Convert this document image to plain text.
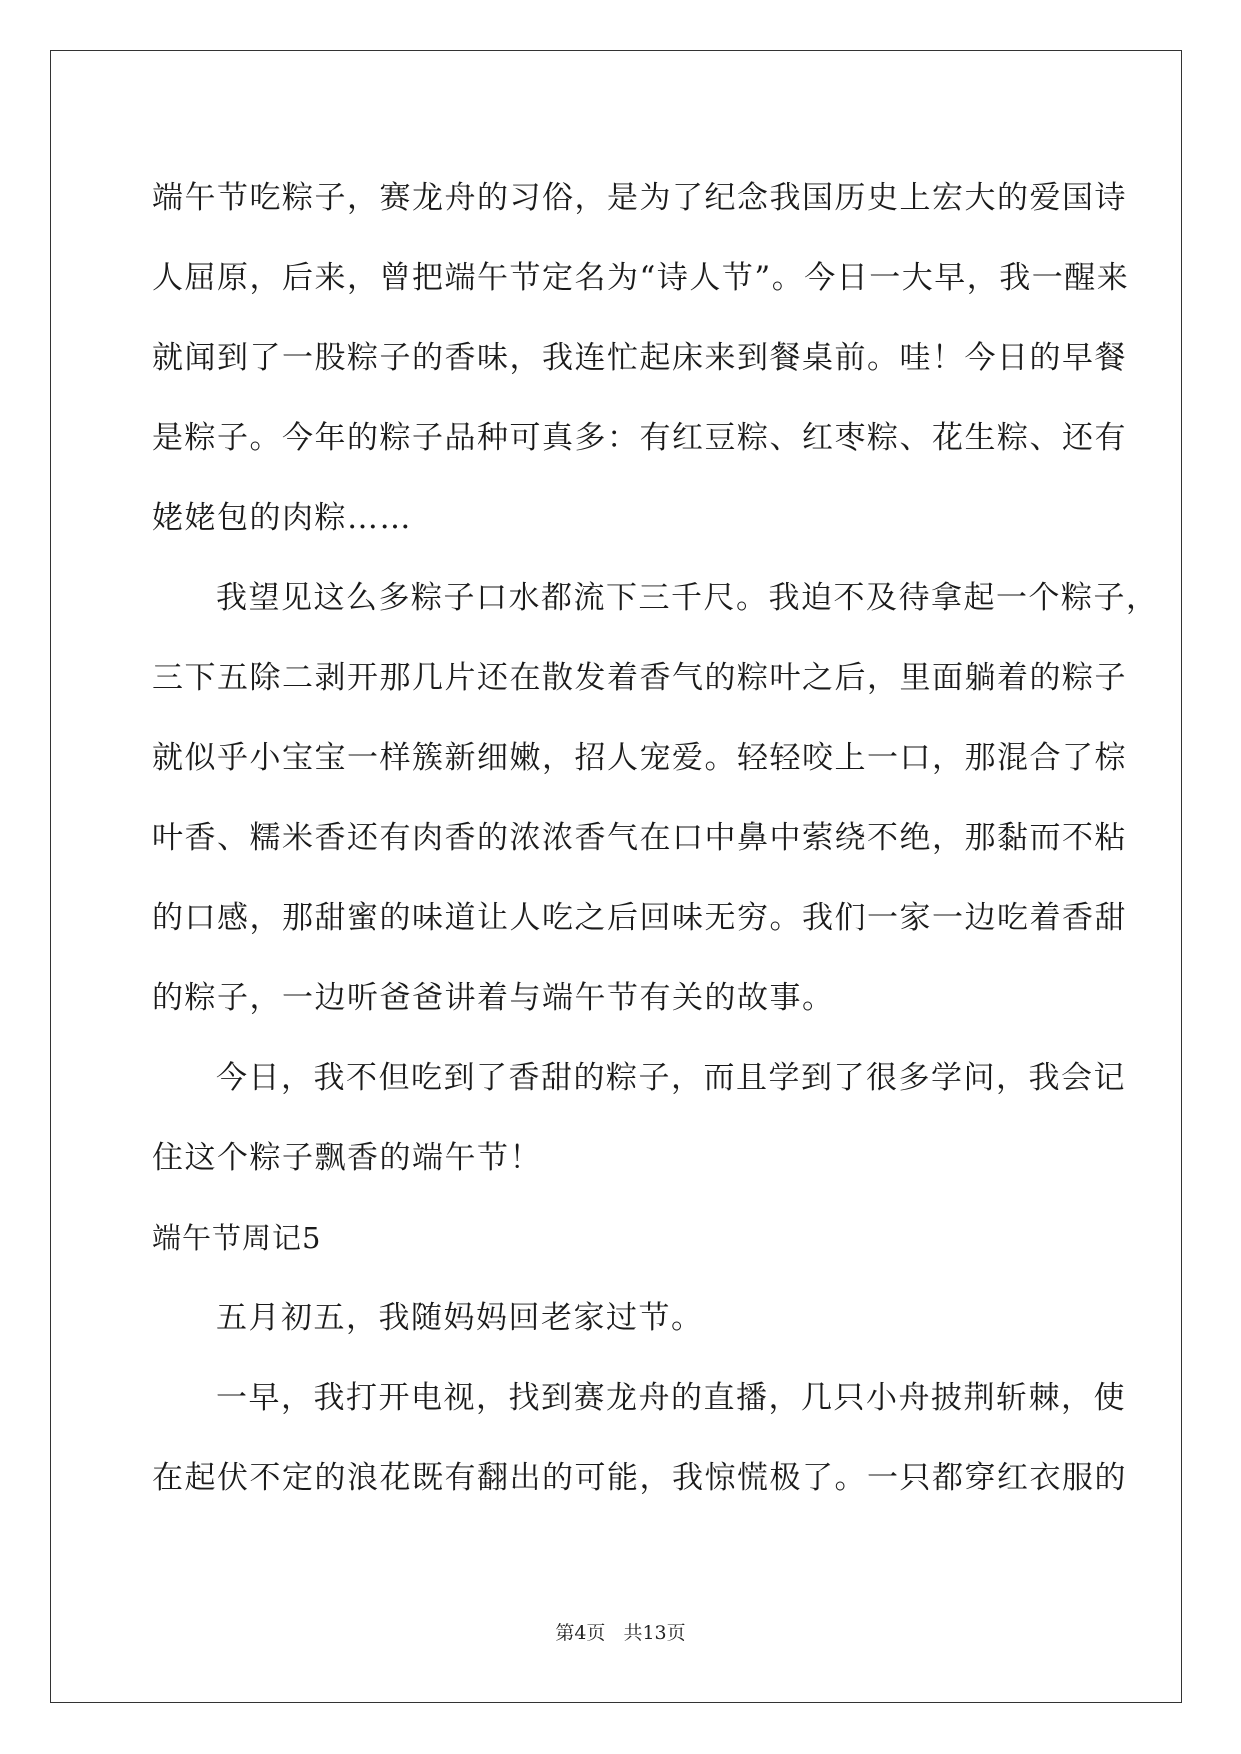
端午节吃粽子，赛龙舟的习俗，是为了纪念我国历史上宏大的爱国诗
人屈原，后来，曾把端午节定名为“诗人节”。今日一大早，我一醒来
就闻到了一股粽子的香味，我连忙起床来到餐桌前。哇！今日的早餐
是粽子。今年的粽子品种可真多：有红豆粽、红枣粽、花生粽、还有
姥姥包的肉粽……
我望见这么多粽子口水都流下三千尺。我迫不及待拿起一个粽子，
三下五除二剥开那几片还在散发着香气的粽叶之后，里面躺着的粽子
就似乎小宝宝一样簇新细嫩，招人宠爱。轻轻咬上一口，那混合了棕
叶香、糯米香还有肉香的浓浓香气在口中鼻中萦绕不绝，那黏而不粘
的口感，那甜蜜的味道让人吃之后回味无穷。我们一家一边吃着香甜
的粽子，一边听爸爸讲着与端午节有关的故事。
今日，我不但吃到了香甜的粽子，而且学到了很多学问，我会记
住这个粽子飘香的端午节！
端午节周记5
五月初五，我随妈妈回老家过节。
一早，我打开电视，找到赛龙舟的直播，几只小舟披荆斩棘，使
在起伏不定的浪花既有翻出的可能，我惊慌极了。一只都穿红衣服的
第4页 共13页
